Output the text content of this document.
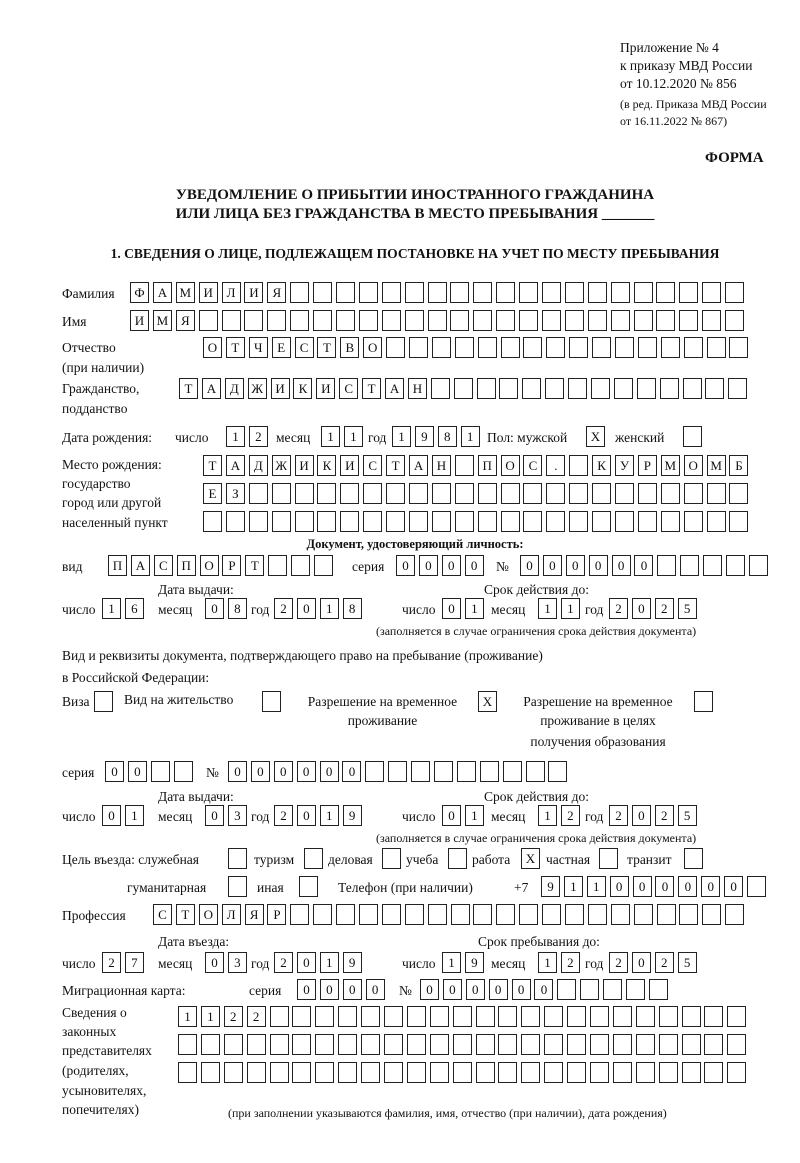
Приложение № 4
к приказу МВД России
от 10.12.2020 № 856
(в ред. Приказа МВД России
от 16.11.2022 № 867)
ФОРМА
УВЕДОМЛЕНИЕ О ПРИБЫТИИ ИНОСТРАННОГО ГРАЖДАНИНА
ИЛИ ЛИЦА БЕЗ ГРАЖДАНСТВА В МЕСТО ПРЕБЫВАНИЯ _______
1. СВЕДЕНИЯ О ЛИЦЕ, ПОДЛЕЖАЩЕМ ПОСТАНОВКЕ НА УЧЕТ ПО МЕСТУ ПРЕБЫВАНИЯ
Фамилия	Ф	А М И	Л	И	Я
Имя	И М Я
Отчество
(при наличии)
О	Т	Ч	Е	С	Т	В	О
Гражданство,
подданство
Т	А	Д Ж И	К	И	С	Т	А	Н
Дата рождения: число	1	2	месяц	1	1 год 1	9	8	1	Пол: мужской	X	женский
Место рождения:
государство
город или другой
населенный пункт
Т	А	Д Ж И	К	И	С	Т	А	Н	П	О	С	.	К	У	Р	М О М	Б
Е	З
Документ, удостоверяющий личность:
вид	П	А	С	П	О	Р	Т	серия	0	0	0	0	№	0	0	0	0	0	0
Дата выдачи:	Срок действия до:
число 1	6	месяц	0	8 год 2	0	1	8	число 0	1 месяц	1	1 год 2	0	2	5
(заполняется в случае ограничения срока действия документа)
Вид и реквизиты документа, подтверждающего право на пребывание (проживание)
в Российской Федерации:
Виза	Вид на жительство	Разрешение на временное
проживание
X	Разрешение на временное
проживание в целях
получения образования
серия	0	0	№	0	0	0	0	0	0
Дата выдачи:	Срок действия до:
число 0	1	месяц	0	3 год 2	0	1	9	число 0	1 месяц	1	2 год 2	0	2	5
(заполняется в случае ограничения срока действия документа)
Цель въезда: служебная	туризм	деловая учеба работа	X частная	транзит
гуманитарная	иная	Телефон (при наличии)	+7	9	1	1	0	0	0	0	0	0
Профессия	С	Т	О	Л	Я	Р
Дата въезда:	Срок пребывания до:
число 2	7	месяц	0	3 год 2	0	1	9	число 1	9 месяц	1	2 год 2	0	2	5
Миграционная карта:	серия	0	0	0	0	№	0	0	0	0	0	0
Сведения о
законных
представителях
(родителях,
усыновителях,
попечителях)
1	1	2	2
(при заполнении указываются фамилия, имя, отчество (при наличии), дата рождения)
